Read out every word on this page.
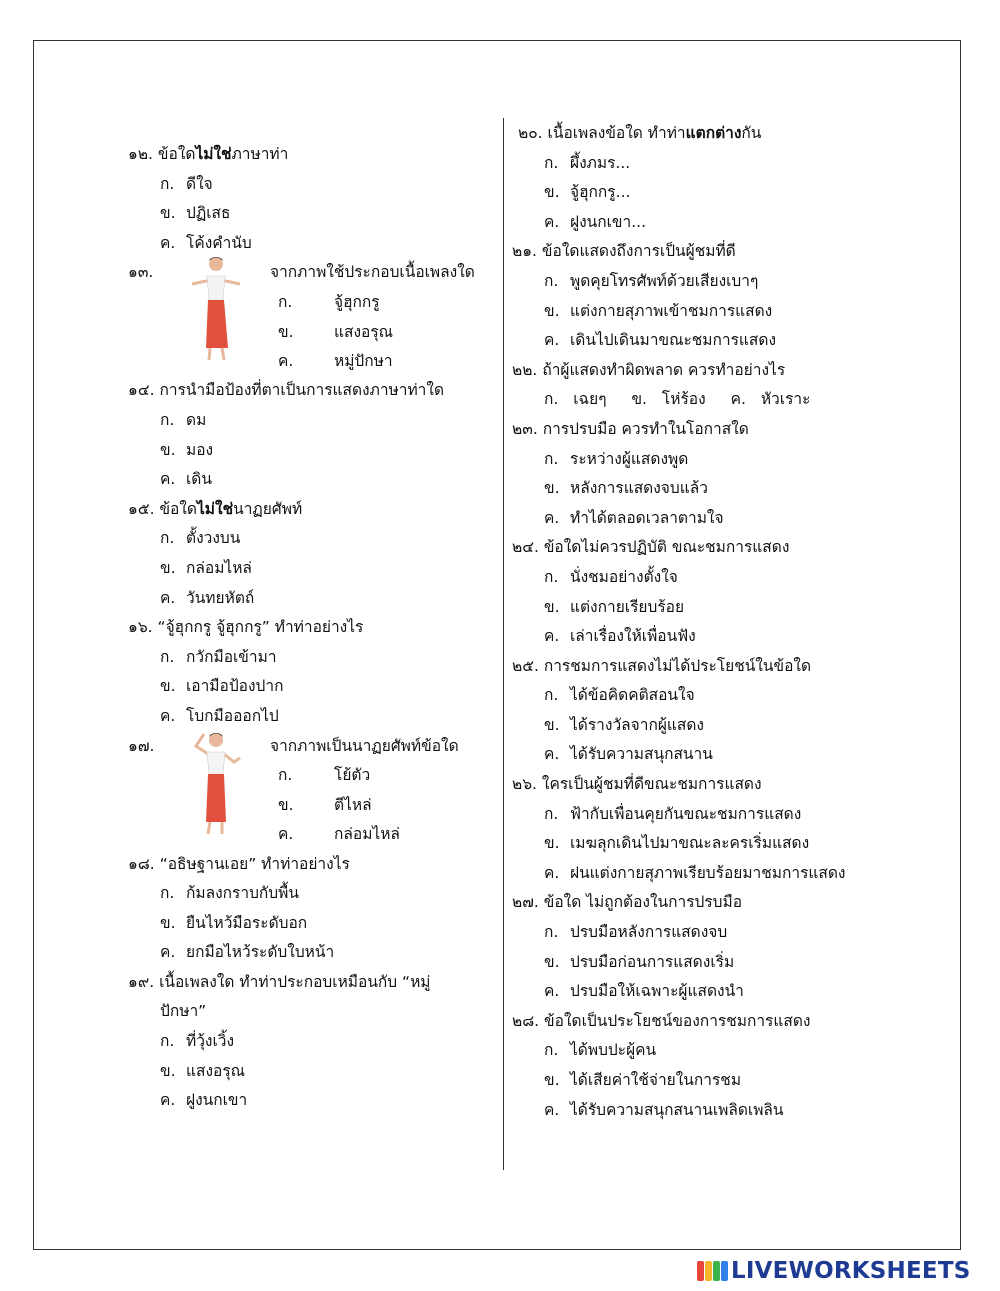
๑๒. ข้อใดไม่ใช่ภาษาท่า
ก. ดีใจ
ข. ปฏิเสธ
ค. โค้งคำนับ
๑๓.	จากภาพใช้ประกอบเนื้อเพลงใด
ก.	จู้ฮุกกรู
ข.	แสงอรุณ
ค.	หมู่ปักษา
๑๔. การนำมือป้องที่ตาเป็นการแสดงภาษาท่าใด
ก. ดม
ข. มอง
ค. เดิน
๑๕. ข้อใดไม่ใช่นาฏยศัพท์
ก. ตั้งวงบน
ข. กล่อมไหล่
ค. วันทยหัตถ์
๑๖. “จู้ฮุกกรู จู้ฮุกกรู” ทำท่าอย่างไร
ก. กวักมือเข้ามา
ข. เอามือป้องปาก
ค. โบกมือออกไป
๑๗.	จากภาพเป็นนาฏยศัพท์ข้อใด
ก.	โย้ตัว
ข.	ตีไหล่
ค.	กล่อมไหล่
๑๘. “อธิษฐานเอย” ทำท่าอย่างไร
ก. ก้มลงกราบกับพื้น
ข. ยืนไหว้มือระดับอก
ค. ยกมือไหว้ระดับใบหน้า
๑๙. เนื้อเพลงใด ทำท่าประกอบเหมือนกับ “หมู่
ปักษา”
ก. ที่วุ้งเวิ้ง
ข. แสงอรุณ
ค. ฝูงนกเขา
๒๐. เนื้อเพลงข้อใด ทำท่าแตกต่างกัน
ก. ผึ้งภมร...
ข. จู้ฮุกกรู...
ค. ฝูงนกเขา...
๒๑. ข้อใดแสดงถึงการเป็นผู้ชมที่ดี
ก. พูดคุยโทรศัพท์ด้วยเสียงเบาๆ
ข. แต่งกายสุภาพเข้าชมการแสดง
ค. เดินไปเดินมาขณะชมการแสดง
๒๒. ถ้าผู้แสดงทำผิดพลาด ควรทำอย่างไร
ก. เฉยๆ ข. โห่ร้อง ค. หัวเราะ
๒๓. การปรบมือ ควรทำในโอกาสใด
ก. ระหว่างผู้แสดงพูด
ข. หลังการแสดงจบแล้ว
ค. ทำได้ตลอดเวลาตามใจ
๒๔. ข้อใดไม่ควรปฏิบัติ ขณะชมการแสดง
ก. นั่งชมอย่างตั้งใจ
ข. แต่งกายเรียบร้อย
ค. เล่าเรื่องให้เพื่อนฟัง
๒๕. การชมการแสดงไม่ได้ประโยชน์ในข้อใด
ก. ได้ข้อคิดคติสอนใจ
ข. ได้รางวัลจากผู้แสดง
ค. ได้รับความสนุกสนาน
๒๖. ใครเป็นผู้ชมที่ดีขณะชมการแสดง
ก. ฟ้ากับเพื่อนคุยกันขณะชมการแสดง
ข. เมฆลุกเดินไปมาขณะละครเริ่มแสดง
ค. ฝนแต่งกายสุภาพเรียบร้อยมาชมการแสดง
๒๗. ข้อใด ไม่ถูกต้องในการปรบมือ
ก. ปรบมือหลังการแสดงจบ
ข. ปรบมือก่อนการแสดงเริ่ม
ค. ปรบมือให้เฉพาะผู้แสดงนำ
๒๘. ข้อใดเป็นประโยชน์ของการชมการแสดง
ก. ได้พบปะผู้คน
ข. ได้เสียค่าใช้จ่ายในการชม
ค. ได้รับความสนุกสนานเพลิดเพลิน
LIVEWORKSHEETS
